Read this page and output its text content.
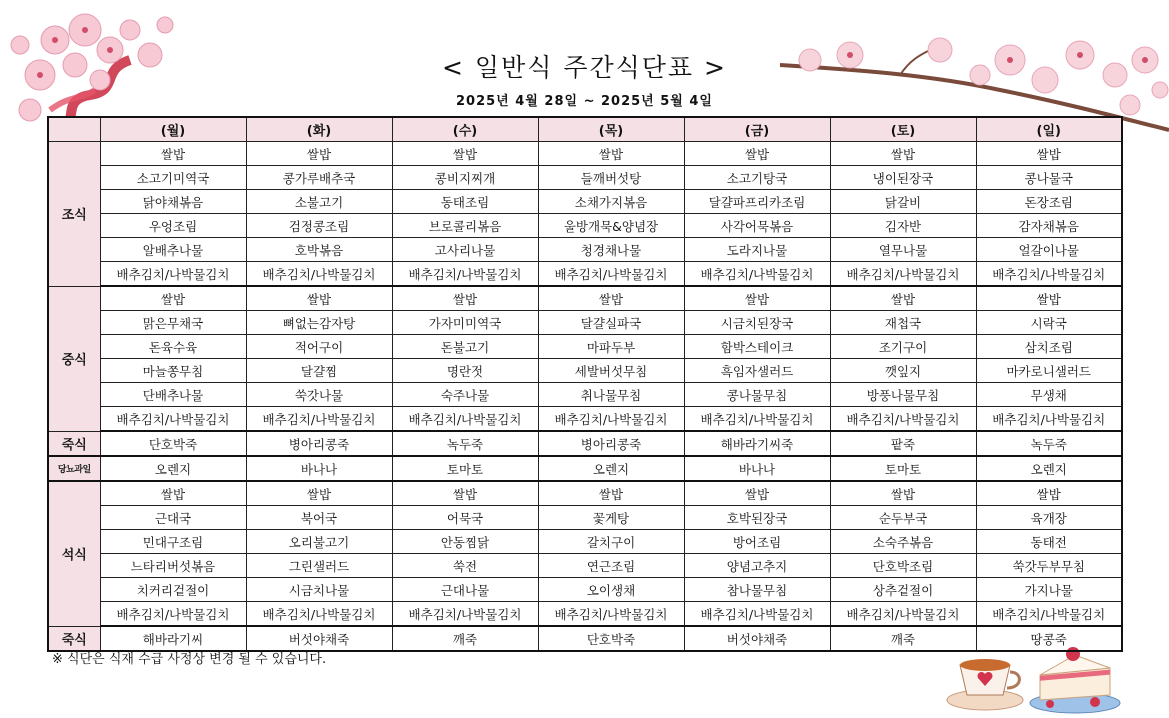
< 일반식 주간식단표 >
2025년 4월 28일 ~ 2025년 5월 4일
	(월)	(화)	(수)	(목)	(금)	(토)	(일)
조식	쌀밥	쌀밥	쌀밥	쌀밥	쌀밥	쌀밥	쌀밥
	소고기미역국	콩가루배추국	콩비지찌개	들깨버섯탕	소고기탕국	냉이된장국	콩나물국
	닭야채볶음	소불고기	동태조림	소채가지볶음	달걀파프리카조림	닭갈비	돈장조림
	우엉조림	검정콩조림	브로콜리볶음	울방개묵&양념장	사각어묵볶음	김자반	감자채볶음
	알배추나물	호박볶음	고사리나물	청경채나물	도라지나물	열무나물	얼갈이나물
	배추김치/나박물김치	배추김치/나박물김치	배추김치/나박물김치	배추김치/나박물김치	배추김치/나박물김치	배추김치/나박물김치	배추김치/나박물김치
중식	쌀밥	쌀밥	쌀밥	쌀밥	쌀밥	쌀밥	쌀밥
	맑은무채국	뼈없는감자탕	가자미미역국	달걀실파국	시금치된장국	재첩국	시락국
	돈육수육	적어구이	돈불고기	마파두부	함박스테이크	조기구이	삼치조림
	마늘쫑무침	달걀찜	명란젓	세발버섯무침	흑임자샐러드	깻잎지	마카로니샐러드
	단배추나물	쑥갓나물	숙주나물	취나물무침	콩나물무침	방풍나물무침	무생채
	배추김치/나박물김치	배추김치/나박물김치	배추김치/나박물김치	배추김치/나박물김치	배추김치/나박물김치	배추김치/나박물김치	배추김치/나박물김치
죽식	단호박죽	병아리콩죽	녹두죽	병아리콩죽	해바라기씨죽	팥죽	녹두죽
당뇨과일	오렌지	바나나	토마토	오렌지	바나나	토마토	오렌지
석식	쌀밥	쌀밥	쌀밥	쌀밥	쌀밥	쌀밥	쌀밥
	근대국	북어국	어묵국	꽃게탕	호박된장국	순두부국	육개장
	민대구조림	오리불고기	안동찜닭	갈치구이	방어조림	소숙주볶음	동태전
	느타리버섯볶음	그린샐러드	쑥전	연근조림	양념고추지	단호박조림	쑥갓두부무침
	치커리겉절이	시금치나물	근대나물	오이생채	참나물무침	상추겉절이	가지나물
	배추김치/나박물김치	배추김치/나박물김치	배추김치/나박물김치	배추김치/나박물김치	배추김치/나박물김치	배추김치/나박물김치	배추김치/나박물김치
죽식	해바라기씨	버섯야채죽	깨죽	단호박죽	버섯야채죽	깨죽	땅콩죽
※ 식단은 식재 수급 사정상 변경 될 수 있습니다.
